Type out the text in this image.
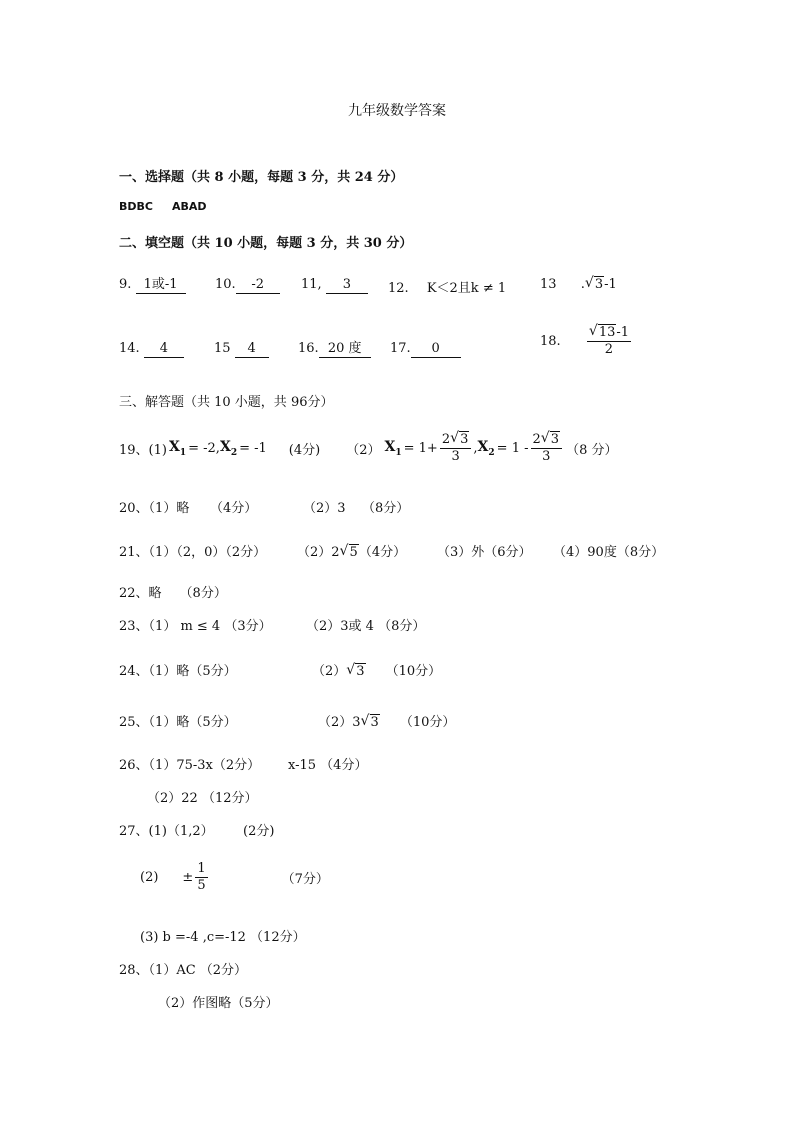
九年级数学答案
一、选择题（共 8 小题，每题 3 分，共 24 分）
BDBC ABAD
二、填空题（共 10 小题，每题 3 分，共 30 分）
9. 1或-1	10. -2	11, 3	12. K＜2且k ≠ 1	13 . √ 3-1
14. 4	15 4	16. 20 度	17. 0	18. √ $\frac{13-1}{2}$
三、解答题（共 10 小题，共 96分）
19、(1) $X_1 = -2$, $X_2 = -1$ (4分) （2） $X_1 = 1+ \frac{2 √ 3}{3}$ , $X_2 = 1 - \frac{2 √ 3}{3} (8$ 分）
20、（1）略 （4分）	（2）3 （8分）
21、（1）（2，0）（2分） （2）2 √ 5（4分） （3）外（6分） （4）90度（8分）
22、略 （8分）
23、（1） m ≤ 4 （3分）	（2）3或 4 （8分）
24、（1）略（5分）	（2） √ 3 （10分）
25、（1）略（5分）	（2）3 √ 3 （10分）
26、（1）75-3x（2分） x-15 （4分）
（2）22 （12分）
27、(1)（1,2） (2分)
$(2) \pm \frac{1}{5}$	（7分）
(3) b =-4 ,c=-12 （12分）
28、（1）AC （2分）
（2）作图略（5分）
